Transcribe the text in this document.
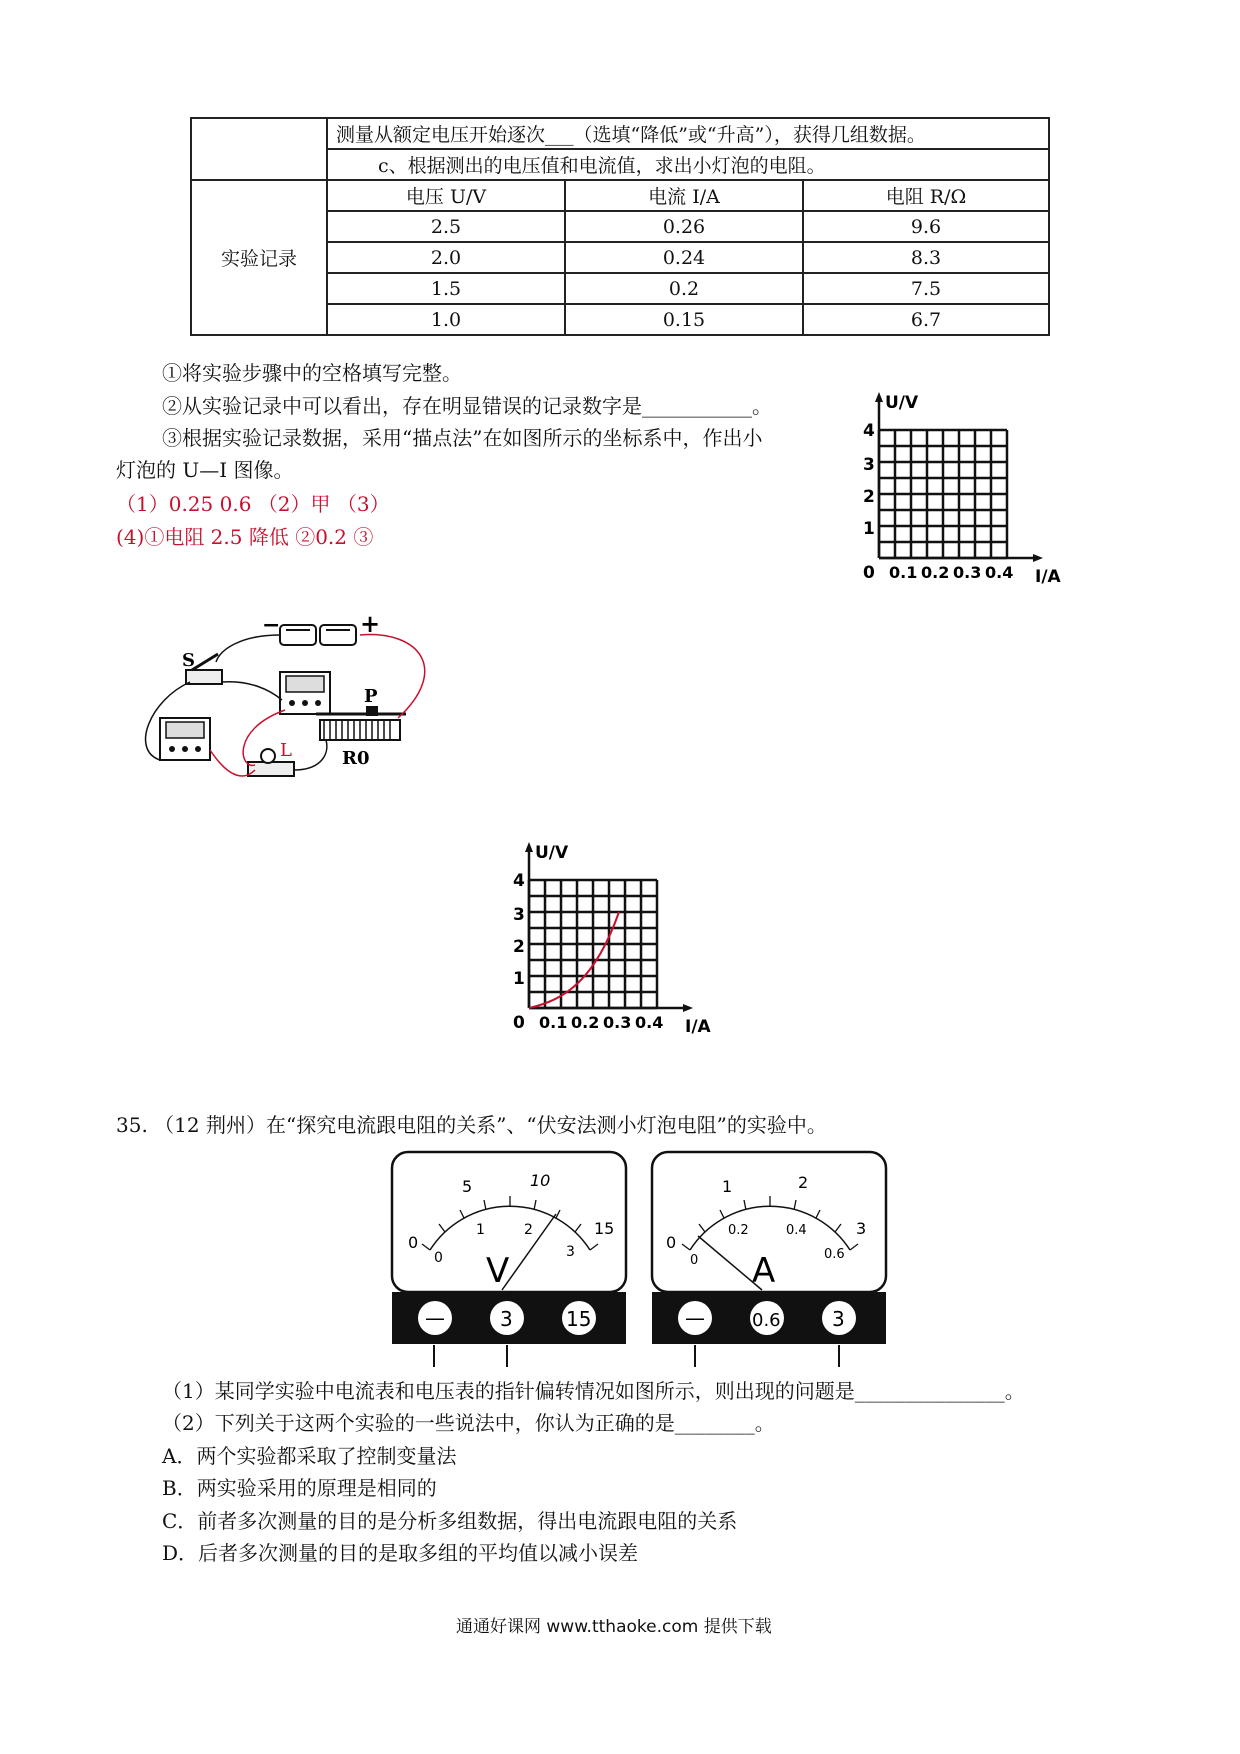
	测量从额定电压开始逐次___（选填“降低”或“升高”），获得几组数据。		
	c、根据测出的电压值和电流值，求出小灯泡的电阻。		
实验记录	电压 U/V	电流 I/A	电阻 R/Ω
	2.5	0.26	9.6
	2.0	0.24	8.3
	1.5	0.2	7.5
	1.0	0.15	6.7
①将实验步骤中的空格填写完整。
②从实验记录中可以看出，存在明显错误的记录数字是___________。
③根据实验记录数据，采用“描点法”在如图所示的坐标系中，作出小
灯泡的 U—I 图像。
（1）0.25 0.6 （2）甲 （3）
(4)①电阻 2.5 降低 ②0.2 ③
U/V
4
3
2
1
0 0.1 0.2 0.3 0.4 I/A
−	+
S
L
P
R0
U/V
4
3
2
1
0 0.1 0.2 0.3 0.4 I/A
35. （12 荆州）在“探究电流跟电阻的关系”、“伏安法测小灯泡电阻”的实验中。
0
5	10
15
0
1	2
3
V
—	3	15
0
1	2
3
0
0.2	0.4
0.6
A
—	0.6	3
（1）某同学实验中电流表和电压表的指针偏转情况如图所示，则出现的问题是_______________。
（2）下列关于这两个实验的一些说法中，你认为正确的是________。
A．两个实验都采取了控制变量法
B．两实验采用的原理是相同的
C．前者多次测量的目的是分析多组数据，得出电流跟电阻的关系
D．后者多次测量的目的是取多组的平均值以减小误差
通通好课网 www.tthaoke.com 提供下载
